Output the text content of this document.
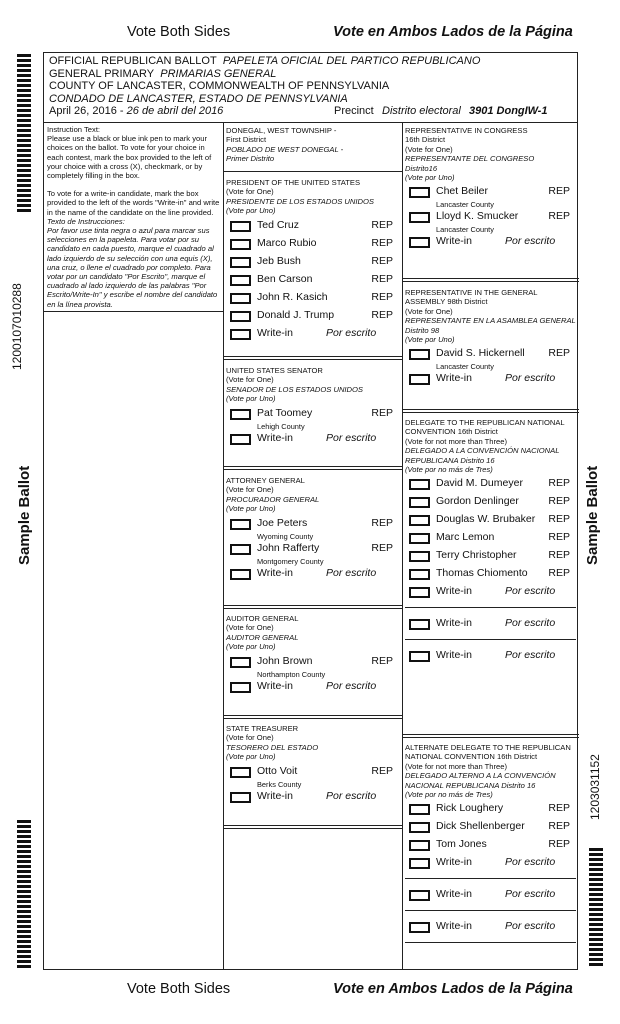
Vote Both Sides	Vote en Ambos Lados de la Página
Vote Both Sides	Vote en Ambos Lados de la Página
1200107010288
Sample Ballot	Sample Ballot
1203031152
OFFICIAL REPUBLICAN BALLOT PAPELETA OFICIAL DEL PARTICO REPUBLICANO
GENERAL PRIMARY PRIMARIAS GENERAL
COUNTY OF LANCASTER, COMMONWEALTH OF PENNSYLVANIA
CONDADO DE LANCASTER, ESTADO DE PENNSYLVANIA
April 26, 2016 - 26 de abril del 2016	Precinct Distrito electoral 3901 DongIW-1
Instruction Text:
Please use a black or blue ink pen to mark your choices on the ballot. To vote for your choice in each contest, mark the box provided to the left of your choice with a cross (X), checkmark, or by completely filling in the box.
To vote for a write-in candidate, mark the box provided to the left of the words "Write-in" and write in the name of the candidate on the line provided.
Texto de Instrucciones:
Por favor use tinta negra o azul para marcar sus selecciones en la papeleta. Para votar por su candidato en cada puesto, marque el cuadrado al lado izquierdo de su selección con una equis (X), una cruz, o llene el cuadrado por completo. Para votar por un candidato "Por Escrito", marque el cuadrado al lado izquierdo de las palabras "Por Escrito/Write-In" y escribe el nombre del candidato en la línea provista.
DONEGAL, WEST TOWNSHIP -
First District
POBLADO DE WEST DONEGAL -
Primer Distrito
PRESIDENT OF THE UNITED STATES
(Vote for One)
PRESIDENTE DE LOS ESTADOS UNIDOS
(Vote por Uno)
Ted Cruz	REP
Marco Rubio	REP
Jeb Bush	REP
Ben Carson	REP
John R. Kasich	REP
Donald J. Trump	REP
Write-in	Por escrito
UNITED STATES SENATOR
(Vote for One)
SENADOR DE LOS ESTADOS UNIDOS
(Vote por Uno)
Pat Toomey	REP
Lehigh County
Write-in	Por escrito
ATTORNEY GENERAL
(Vote for One)
PROCURADOR GENERAL
(Vote por Uno)
Joe Peters	REP
Wyoming County
John Rafferty	REP
Montgomery County
Write-in	Por escrito
AUDITOR GENERAL
(Vote for One)
AUDITOR GENERAL
(Vote por Uno)
John Brown	REP
Northampton County
Write-in	Por escrito
STATE TREASURER
(Vote for One)
TESORERO DEL ESTADO
(Vote por Uno)
Otto Voit	REP
Berks County
Write-in	Por escrito
REPRESENTATIVE IN CONGRESS
16th District
(Vote for One)
REPRESENTANTE DEL CONGRESO
Distrito16
(Vote por Uno)
Chet Beiler	REP
Lancaster County
Lloyd K. Smucker	REP
Lancaster County
Write-in	Por escrito
REPRESENTATIVE IN THE GENERAL ASSEMBLY 98th District
(Vote for One)
REPRESENTANTE EN LA ASAMBLEA GENERAL Distrito 98
(Vote por Uno)
David S. Hickernell REP
Lancaster County
Write-in	Por escrito
DELEGATE TO THE REPUBLICAN NATIONAL CONVENTION 16th District
(Vote for not more than Three)
DELEGADO A LA CONVENCIÓN NACIONAL REPUBLICANA Distrito 16
(Vote por no más de Tres)
David M. Dumeyer REP
Gordon Denlinger	REP
Douglas W. Brubaker REP
Marc Lemon	REP
Terry Christopher	REP
Thomas Chiomento REP
Write-in	Por escrito
Write-in	Por escrito
Write-in	Por escrito
ALTERNATE DELEGATE TO THE REPUBLICAN NATIONAL CONVENTION 16th District
(Vote for not more than Three)
DELEGADO ALTERNO A LA CONVENCIÓN NACIONAL REPUBLICANA Distrito 16
(Vote por no más de Tres)
Rick Loughery	REP
Dick Shellenberger REP
Tom Jones	REP
Write-in	Por escrito
Write-in	Por escrito
Write-in	Por escrito
